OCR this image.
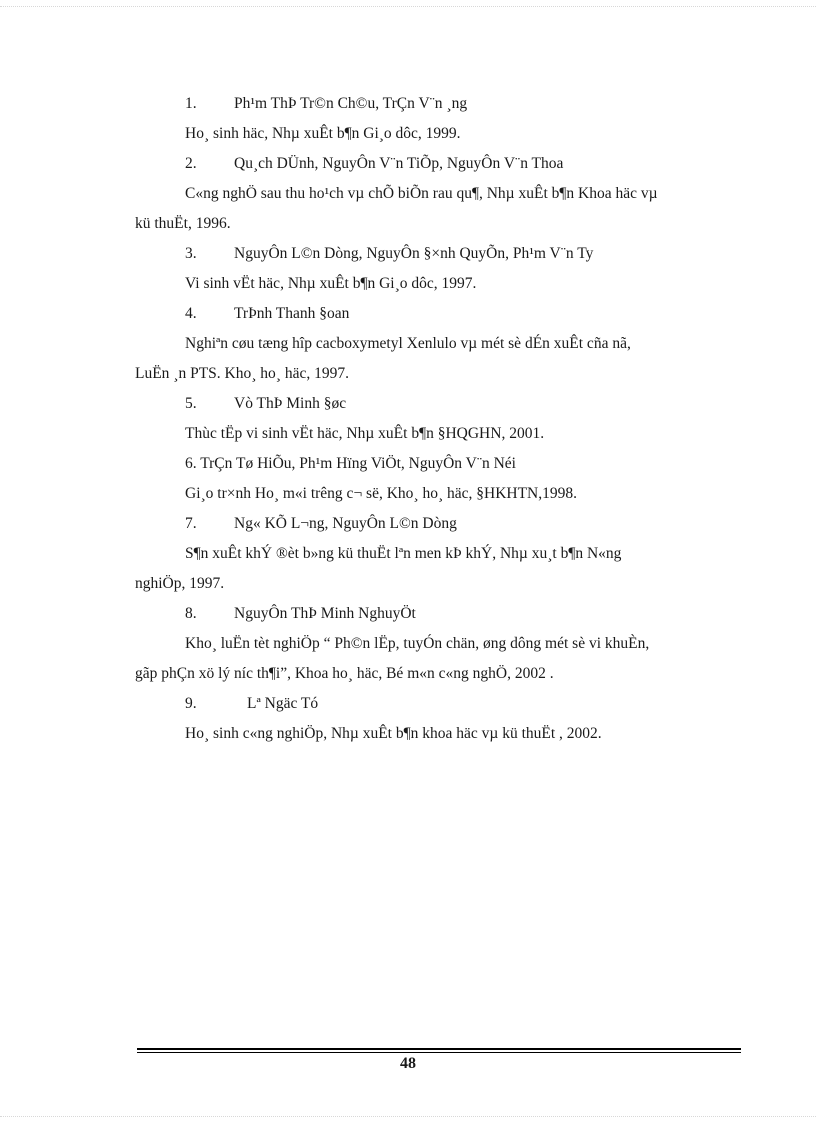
1. Ph¹m ThÞ Tr©n Ch©u, TrÇn V¨n ¸ng
Ho¸ sinh häc, Nhµ xuÊt b¶n Gi¸o dôc, 1999.
2. Qu¸ch DÜnh, NguyÔn V¨n TiÕp, NguyÔn V¨n Thoa
C«ng nghÖ sau thu ho¹ch vµ chÕ biÕn rau qu¶, Nhµ xuÊt b¶n Khoa häc vµ
kü thuËt, 1996.
3. NguyÔn L©n Dòng, NguyÔn §×nh QuyÕn, Ph¹m V¨n Ty
Vi sinh vËt häc, Nhµ xuÊt b¶n Gi¸o dôc, 1997.
4. TrÞnh Thanh §oan
Nghiªn cøu tæng hîp cacboxymetyl Xenlulo vµ mét sè dÉn xuÊt cña nã,
LuËn ¸n PTS. Kho¸ ho¸ häc, 1997.
5. Vò ThÞ Minh §øc
Thùc tËp vi sinh vËt häc, Nhµ xuÊt b¶n §HQGHN, 2001.
6. TrÇn Tø HiÕu, Ph¹m Hïng ViÖt, NguyÔn V¨n Néi
Gi¸o tr×nh Ho¸ m«i trêng c¬ së, Kho¸ ho¸ häc, §HKHTN,1998.
7. Ng« KÕ L¬ng, NguyÔn L©n Dòng
S¶n xuÊt khÝ ®èt b»ng kü thuËt lªn men kÞ khÝ, Nhµ xu¸t b¶n N«ng
nghiÖp, 1997.
8. NguyÔn ThÞ Minh NghuyÖt
Kho¸ luËn tèt nghiÖp “ Ph©n lËp, tuyÓn chän, øng dông mét sè vi khuÈn,
gãp phÇn xö lý níc th¶i”, Khoa ho¸ häc, Bé m«n c«ng nghÖ, 2002 .
9.	Lª Ngäc Tó
Ho¸ sinh c«ng nghiÖp, Nhµ xuÊt b¶n khoa häc vµ kü thuËt , 2002.
48
